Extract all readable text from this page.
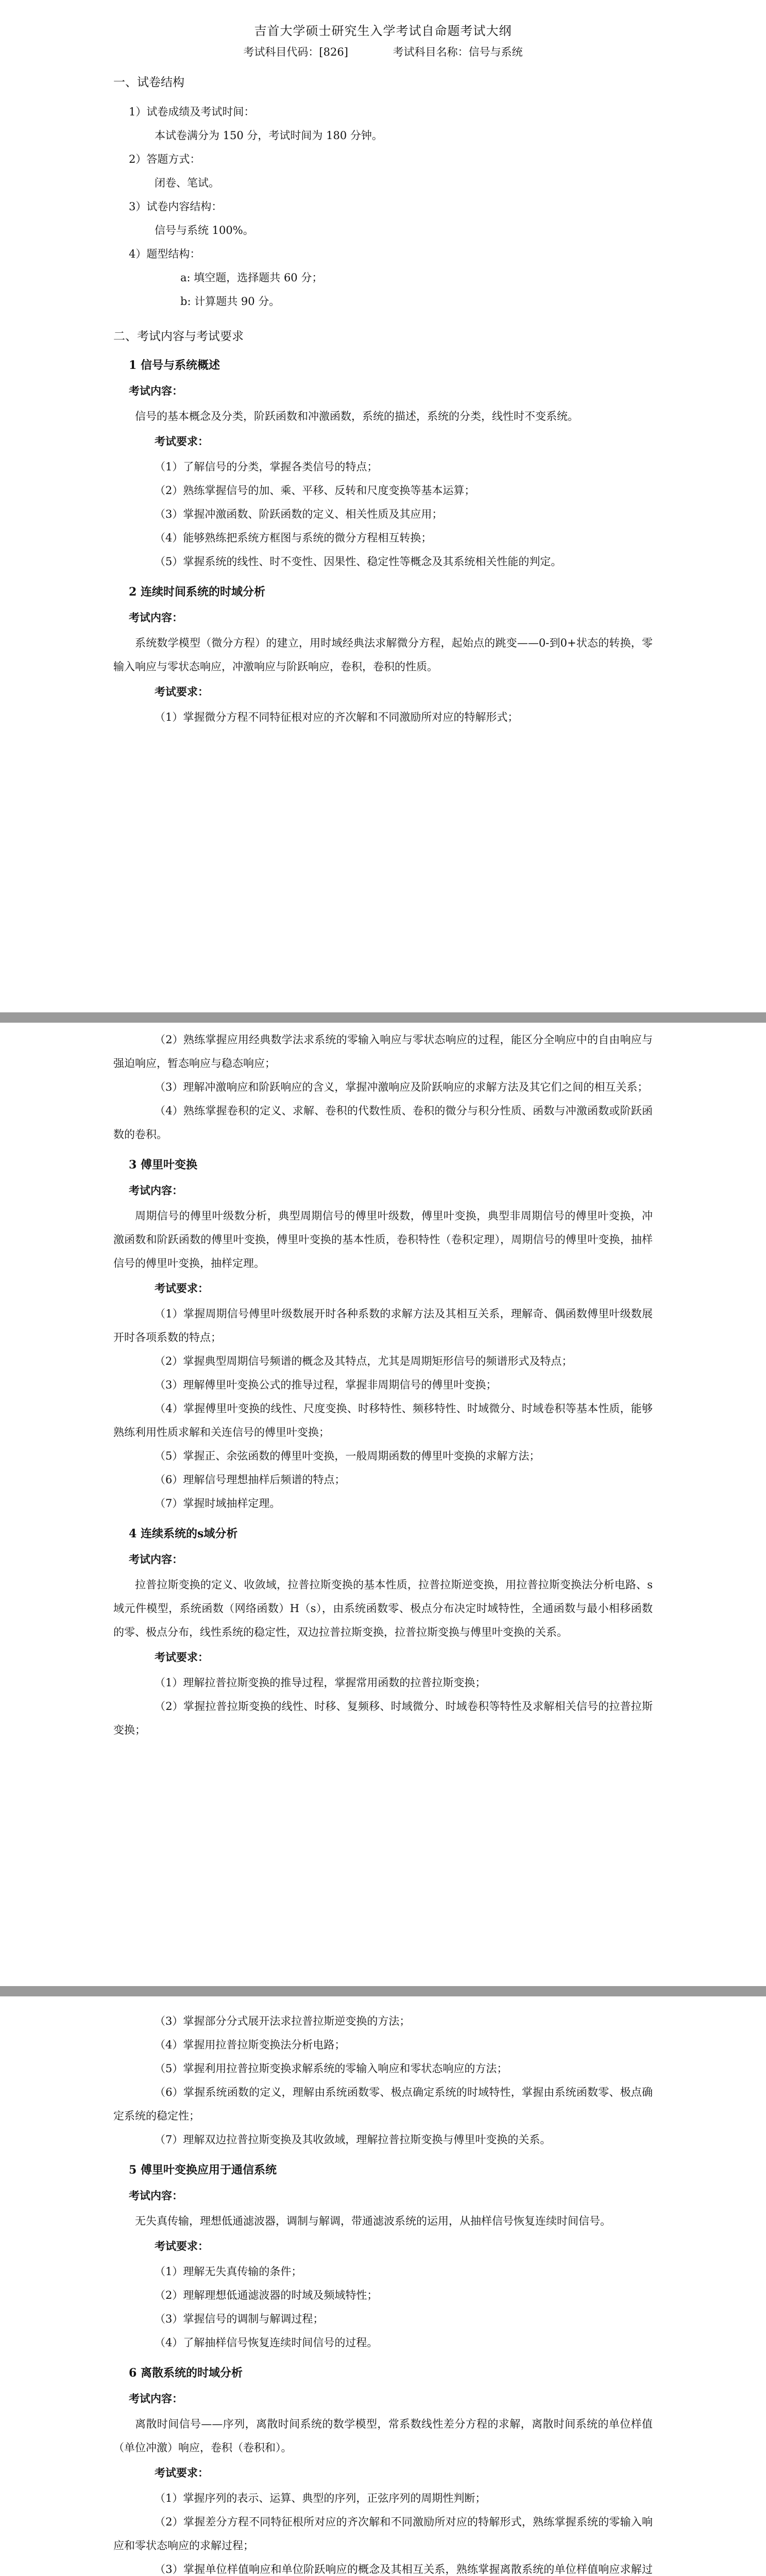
吉首大学硕士研究生入学考试自命题考试大纲
考试科目代码：[826]	考试科目名称：信号与系统
一、试卷结构

1）试卷成绩及考试时间：

本试卷满分为 150 分，考试时间为 180 分钟。

2）答题方式：

闭卷、笔试。

3）试卷内容结构：

信号与系统 100%。

4）题型结构：

a: 填空题，选择题共 60 分；

b: 计算题共 90 分。

二、考试内容与考试要求
1 信号与系统概述
考试内容：

信号的基本概念及分类，阶跃函数和冲激函数，系统的描述，系统的分类，线性时不变系统。

考试要求：

（1）了解信号的分类，掌握各类信号的特点；

（2）熟练掌握信号的加、乘、平移、反转和尺度变换等基本运算；

（3）掌握冲激函数、阶跃函数的定义、相关性质及其应用；

（4）能够熟练把系统方框图与系统的微分方程相互转换；

（5）掌握系统的线性、时不变性、因果性、稳定性等概念及其系统相关性能的判定。

2 连续时间系统的时域分析
考试内容：

系统数学模型（微分方程）的建立，用时域经典法求解微分方程，起始点的跳变——0-到0+状态的转换，零输入响应与零状态响应，冲激响应与阶跃响应，卷积，卷积的性质。

考试要求：

（1）掌握微分方程不同特征根对应的齐次解和不同激励所对应的特解形式；

（2）熟练掌握应用经典数学法求系统的零输入响应与零状态响应的过程，能区分全响应中的自由响应与强迫响应，暂态响应与稳态响应；

（3）理解冲激响应和阶跃响应的含义，掌握冲激响应及阶跃响应的求解方法及其它们之间的相互关系；

（4）熟练掌握卷积的定义、求解、卷积的代数性质、卷积的微分与积分性质、函数与冲激函数或阶跃函数的卷积。

3 傅里叶变换
考试内容：

周期信号的傅里叶级数分析，典型周期信号的傅里叶级数，傅里叶变换，典型非周期信号的傅里叶变换，冲激函数和阶跃函数的傅里叶变换，傅里叶变换的基本性质，卷积特性（卷积定理），周期信号的傅里叶变换，抽样信号的傅里叶变换，抽样定理。

考试要求：

（1）掌握周期信号傅里叶级数展开时各种系数的求解方法及其相互关系，理解奇、偶函数傅里叶级数展开时各项系数的特点；

（2）掌握典型周期信号频谱的概念及其特点，尤其是周期矩形信号的频谱形式及特点；

（3）理解傅里叶变换公式的推导过程，掌握非周期信号的傅里叶变换；

（4）掌握傅里叶变换的线性、尺度变换、时移特性、频移特性、时域微分、时域卷积等基本性质，能够熟练利用性质求解和关连信号的傅里叶变换；

（5）掌握正、余弦函数的傅里叶变换，一般周期函数的傅里叶变换的求解方法；

（6）理解信号理想抽样后频谱的特点；

（7）掌握时域抽样定理。

4 连续系统的s域分析
考试内容：

拉普拉斯变换的定义、收敛域，拉普拉斯变换的基本性质，拉普拉斯逆变换，用拉普拉斯变换法分析电路、s域元件模型，系统函数（网络函数）H（s），由系统函数零、极点分布决定时域特性，全通函数与最小相移函数的零、极点分布，线性系统的稳定性，双边拉普拉斯变换，拉普拉斯变换与傅里叶变换的关系。

考试要求：

（1）理解拉普拉斯变换的推导过程，掌握常用函数的拉普拉斯变换；

（2）掌握拉普拉斯变换的线性、时移、复频移、时域微分、时域卷积等特性及求解相关信号的拉普拉斯变换；

（3）掌握部分分式展开法求拉普拉斯逆变换的方法；

（4）掌握用拉普拉斯变换法分析电路；

（5）掌握利用拉普拉斯变换求解系统的零输入响应和零状态响应的方法；

（6）掌握系统函数的定义，理解由系统函数零、极点确定系统的时域特性，掌握由系统函数零、极点确定系统的稳定性；

（7）理解双边拉普拉斯变换及其收敛域，理解拉普拉斯变换与傅里叶变换的关系。

5 傅里叶变换应用于通信系统
考试内容：

无失真传输，理想低通滤波器，调制与解调，带通滤波系统的运用，从抽样信号恢复连续时间信号。

考试要求：

（1）理解无失真传输的条件；

（2）理解理想低通滤波器的时域及频域特性；

（3）掌握信号的调制与解调过程；

（4）了解抽样信号恢复连续时间信号的过程。

6 离散系统的时域分析
考试内容：

离散时间信号——序列，离散时间系统的数学模型，常系数线性差分方程的求解，离散时间系统的单位样值（单位冲激）响应，卷积（卷积和）。

考试要求：

（1）掌握序列的表示、运算、典型的序列，正弦序列的周期性判断；

（2）掌握差分方程不同特征根所对应的齐次解和不同激励所对应的特解形式，熟练掌握系统的零输入响应和零状态响应的求解过程；

（3）掌握单位样值响应和单位阶跃响应的概念及其相互关系，熟练掌握离散系统的单位样值响应求解过
